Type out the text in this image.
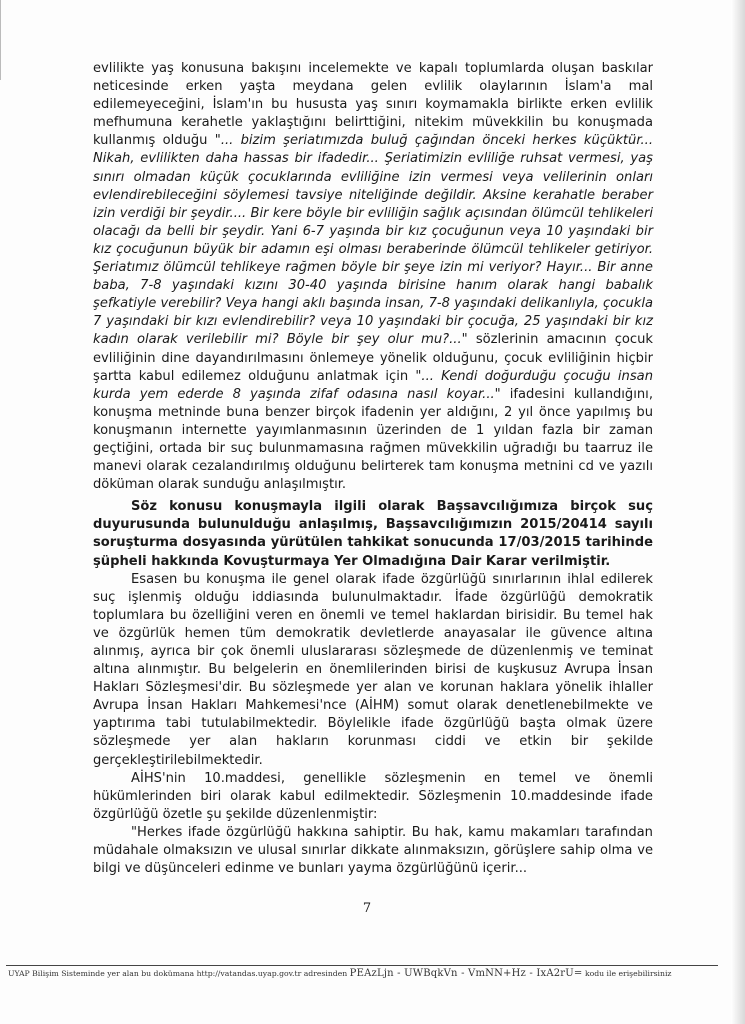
evlilikte yaş konusuna bakışını incelemekte ve kapalı toplumlarda oluşan baskılar neticesinde erken yaşta meydana gelen evlilik olaylarının İslam'a mal edilemeyeceğini, İslam'ın bu hususta yaş sınırı koymamakla birlikte erken evlilik mefhumuna kerahetle yaklaştığını belirttiğini, nitekim müvekkilin bu konuşmada kullanmış olduğu "... bizim şeriatımızda buluğ çağından önceki herkes küçüktür... Nikah, evlilikten daha hassas bir ifadedir... Şeriatimizin evliliğe ruhsat vermesi, yaş sınırı olmadan küçük çocuklarında evliliğine izin vermesi veya velilerinin onları evlendirebileceğini söylemesi tavsiye niteliğinde değildir. Aksine kerahatle beraber izin verdiği bir şeydir.... Bir kere böyle bir evliliğin sağlık açısından ölümcül tehlikeleri olacağı da belli bir şeydir. Yani 6-7 yaşında bir kız çocuğunun veya 10 yaşındaki bir kız çocuğunun büyük bir adamın eşi olması beraberinde ölümcül tehlikeler getiriyor. Şeriatımız ölümcül tehlikeye rağmen böyle bir şeye izin mi veriyor? Hayır... Bir anne baba, 7-8 yaşındaki kızını 30-40 yaşında birisine hanım olarak hangi babalık şefkatiyle verebilir? Veya hangi aklı başında insan, 7-8 yaşındaki delikanlıyla, çocukla 7 yaşındaki bir kızı evlendirebilir? veya 10 yaşındaki bir çocuğa, 25 yaşındaki bir kız kadın olarak verilebilir mi? Böyle bir şey olur mu?..." sözlerinin amacının çocuk evliliğinin dine dayandırılmasını önlemeye yönelik olduğunu, çocuk evliliğinin hiçbir şartta kabul edilemez olduğunu anlatmak için "... Kendi doğurduğu çocuğu insan kurda yem ederde 8 yaşında zifaf odasına nasıl koyar..." ifadesini kullandığını, konuşma metninde buna benzer birçok ifadenin yer aldığını, 2 yıl önce yapılmış bu konuşmanın internette yayımlanmasının üzerinden de 1 yıldan fazla bir zaman geçtiğini, ortada bir suç bulunmamasına rağmen müvekkilin uğradığı bu taarruz ile manevi olarak cezalandırılmış olduğunu belirterek tam konuşma metnini cd ve yazılı döküman olarak sunduğu anlaşılmıştır.

Söz konusu konuşmayla ilgili olarak Başsavcılığımıza birçok suç duyurusunda bulunulduğu anlaşılmış, Başsavcılığımızın 2015/20414 sayılı soruşturma dosyasında yürütülen tahkikat sonucunda 17/03/2015 tarihinde şüpheli hakkında Kovuşturmaya Yer Olmadığına Dair Karar verilmiştir.

Esasen bu konuşma ile genel olarak ifade özgürlüğü sınırlarının ihlal edilerek suç işlenmiş olduğu iddiasında bulunulmaktadır. İfade özgürlüğü demokratik toplumlara bu özelliğini veren en önemli ve temel haklardan birisidir. Bu temel hak ve özgürlük hemen tüm demokratik devletlerde anayasalar ile güvence altına alınmış, ayrıca bir çok önemli uluslararası sözleşmede de düzenlenmiş ve teminat altına alınmıştır. Bu belgelerin en önemlilerinden birisi de kuşkusuz Avrupa İnsan Hakları Sözleşmesi'dir. Bu sözleşmede yer alan ve korunan haklara yönelik ihlaller Avrupa İnsan Hakları Mahkemesi'nce (AİHM) somut olarak denetlenebilmekte ve yaptırıma tabi tutulabilmektedir. Böylelikle ifade özgürlüğü başta olmak üzere sözleşmede yer alan hakların korunması ciddi ve etkin bir şekilde gerçekleştirilebilmektedir.

AİHS'nin 10.maddesi, genellikle sözleşmenin en temel ve önemli hükümlerinden biri olarak kabul edilmektedir. Sözleşmenin 10.maddesinde ifade özgürlüğü özetle şu şekilde düzenlenmiştir:

"Herkes ifade özgürlüğü hakkına sahiptir. Bu hak, kamu makamları tarafından müdahale olmaksızın ve ulusal sınırlar dikkate alınmaksızın, görüşlere sahip olma ve bilgi ve düşünceleri edinme ve bunları yayma özgürlüğünü içerir...

7
UYAP Bilişim Sisteminde yer alan bu dokümana http://vatandas.uyap.gov.tr adresinden PEAzLjn - UWBqkVn - VmNN+Hz - IxA2rU= kodu ile erişebilirsiniz
